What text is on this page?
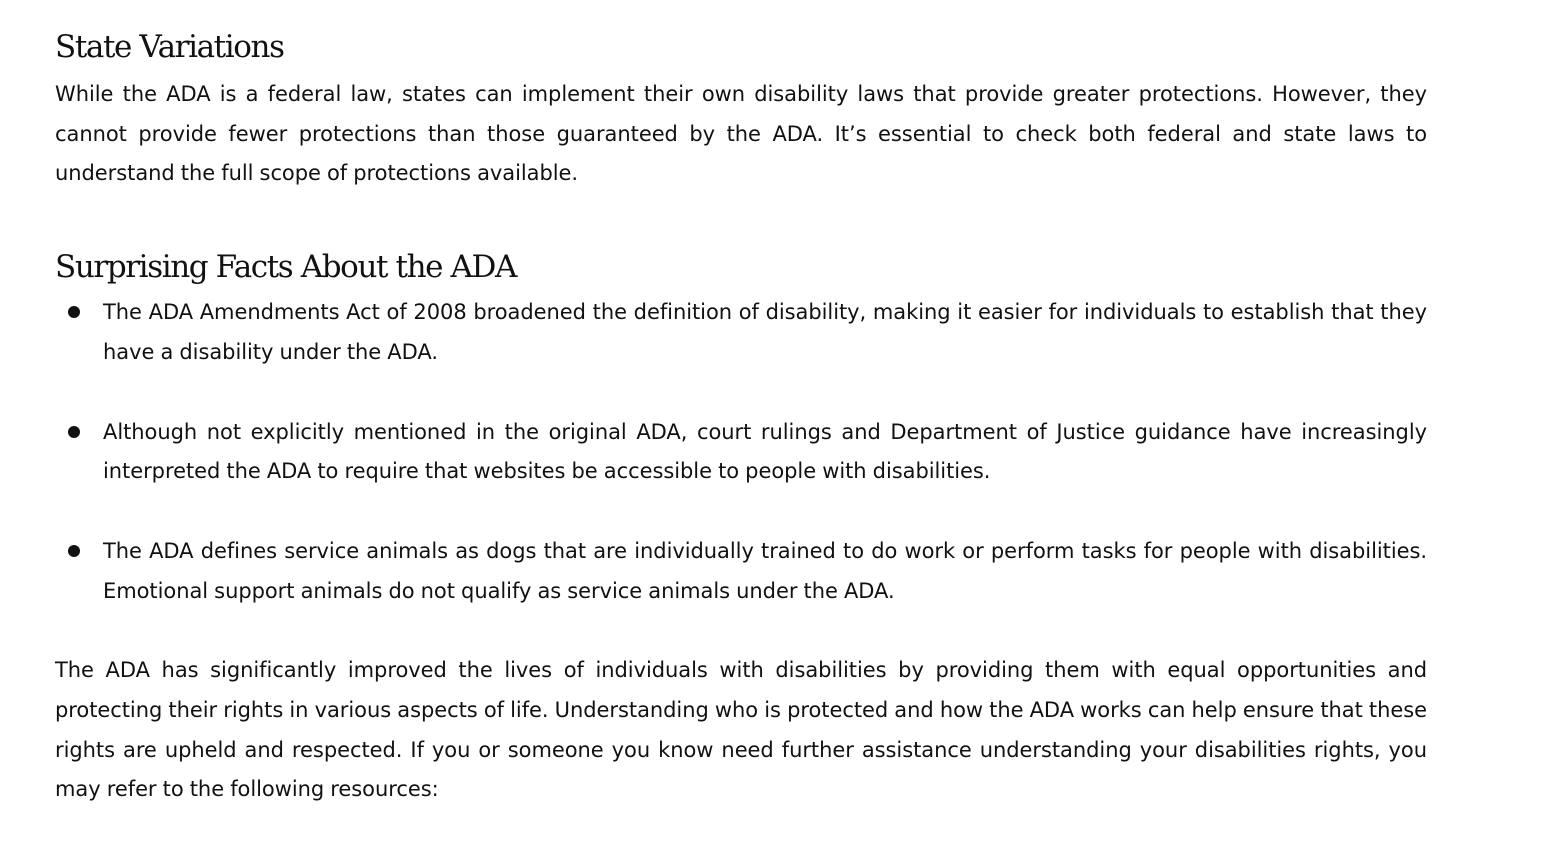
State Variations

While the ADA is a federal law, states can implement their own disability laws that provide greater protections. However, they cannot provide fewer protections than those guaranteed by the ADA. It’s essential to check both federal and state laws to understand the full scope of protections available.

Surprising Facts About the ADA
The ADA Amendments Act of 2008 broadened the definition of disability, making it easier for individuals to establish that they have a disability under the ADA.
Although not explicitly mentioned in the original ADA, court rulings and Department of Justice guidance have increasingly interpreted the ADA to require that websites be accessible to people with disabilities.
The ADA defines service animals as dogs that are individually trained to do work or perform tasks for people with disabilities. Emotional support animals do not qualify as service animals under the ADA.

The ADA has significantly improved the lives of individuals with disabilities by providing them with equal opportunities and protecting their rights in various aspects of life. Understanding who is protected and how the ADA works can help ensure that these rights are upheld and respected. If you or someone you know need further assistance understanding your disabilities rights, you may refer to the following resources:
